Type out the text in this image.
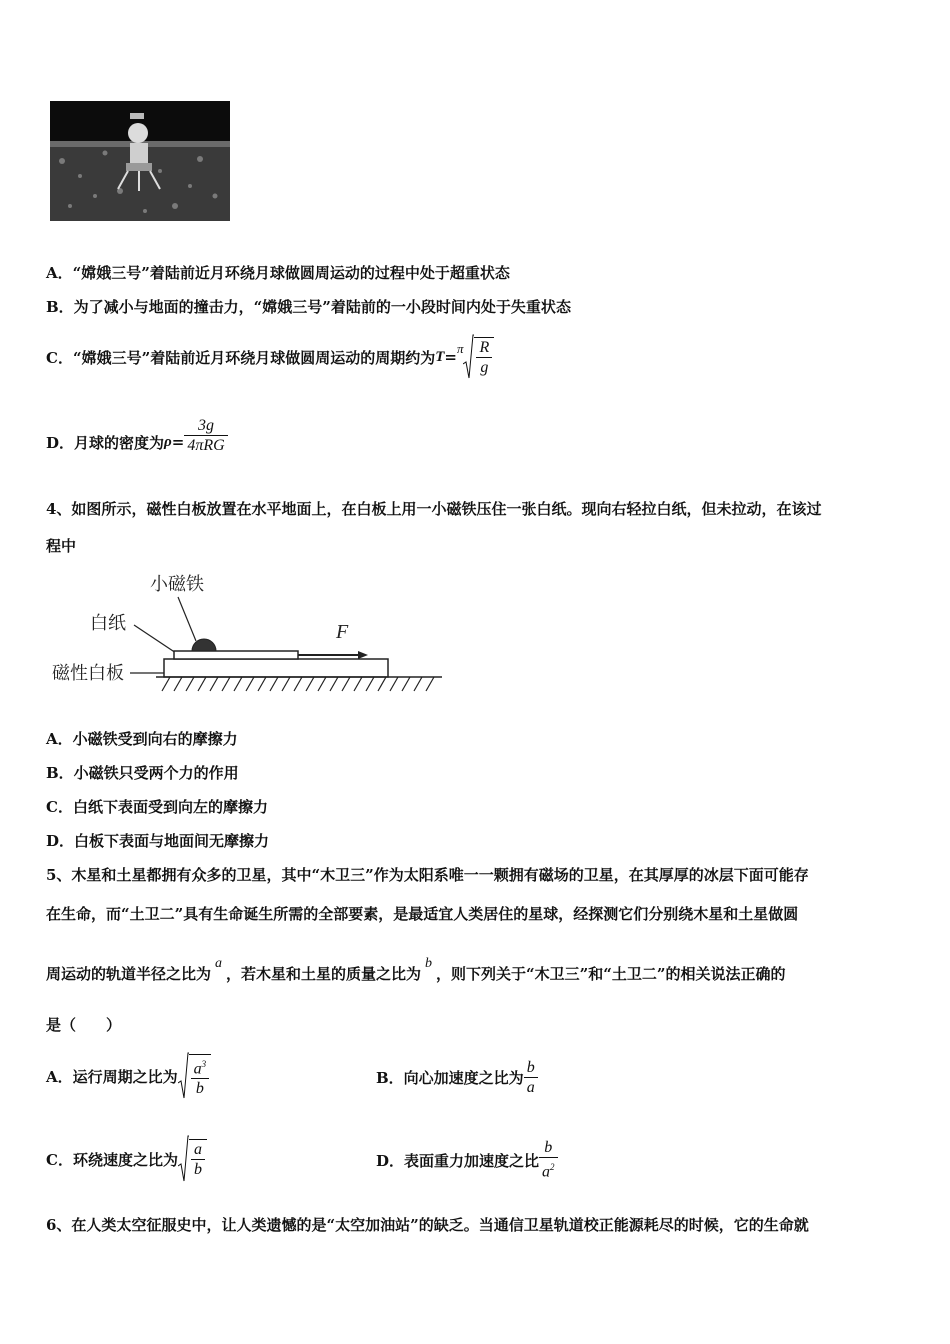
A．“嫦娥三号”着陆前近月环绕月球做圆周运动的过程中处于超重状态
B．为了减小与地面的撞击力，“嫦娥三号”着陆前的一小段时间内处于失重状态
C．“嫦娥三号”着陆前近月环绕月球做圆周运动的周期约为 T = π $\frac{R}{g}$
D．月球的密度为 $\rho = \frac{3g}{\text{4πRG}}$
4、如图所示，磁性白板放置在水平地面上，在白板上用一小磁铁压住一张白纸。现向右轻拉白纸，但未拉动，在该过
程中
小磁铁
白纸
磁性白板
F
A．小磁铁受到向右的摩擦力
B．小磁铁只受两个力的作用
C．白纸下表面受到向左的摩擦力
D．白板下表面与地面间无摩擦力
5、木星和土星都拥有众多的卫星，其中“木卫三”作为太阳系唯一一颗拥有磁场的卫星，在其厚厚的冰层下面可能存
在生命，而“土卫二”具有生命诞生所需的全部要素，是最适宜人类居住的星球，经探测它们分别绕木星和土星做圆
周运动的轨道半径之比为a，若木星和土星的质量之比为b，则下列关于“木卫三”和“土卫二”的相关说法正确的
是（　　）
A．运行周期之比为 $\frac{a^3}{b}$	B．向心加速度之比为 $\frac{b}{a}$
C．环绕速度之比为 $\frac{a}{b}$	D．表面重力加速度之比 $\frac{b}{a^2}$
6、在人类太空征服史中，让人类遗憾的是“太空加油站”的缺乏。当通信卫星轨道校正能源耗尽的时候，它的生命就
